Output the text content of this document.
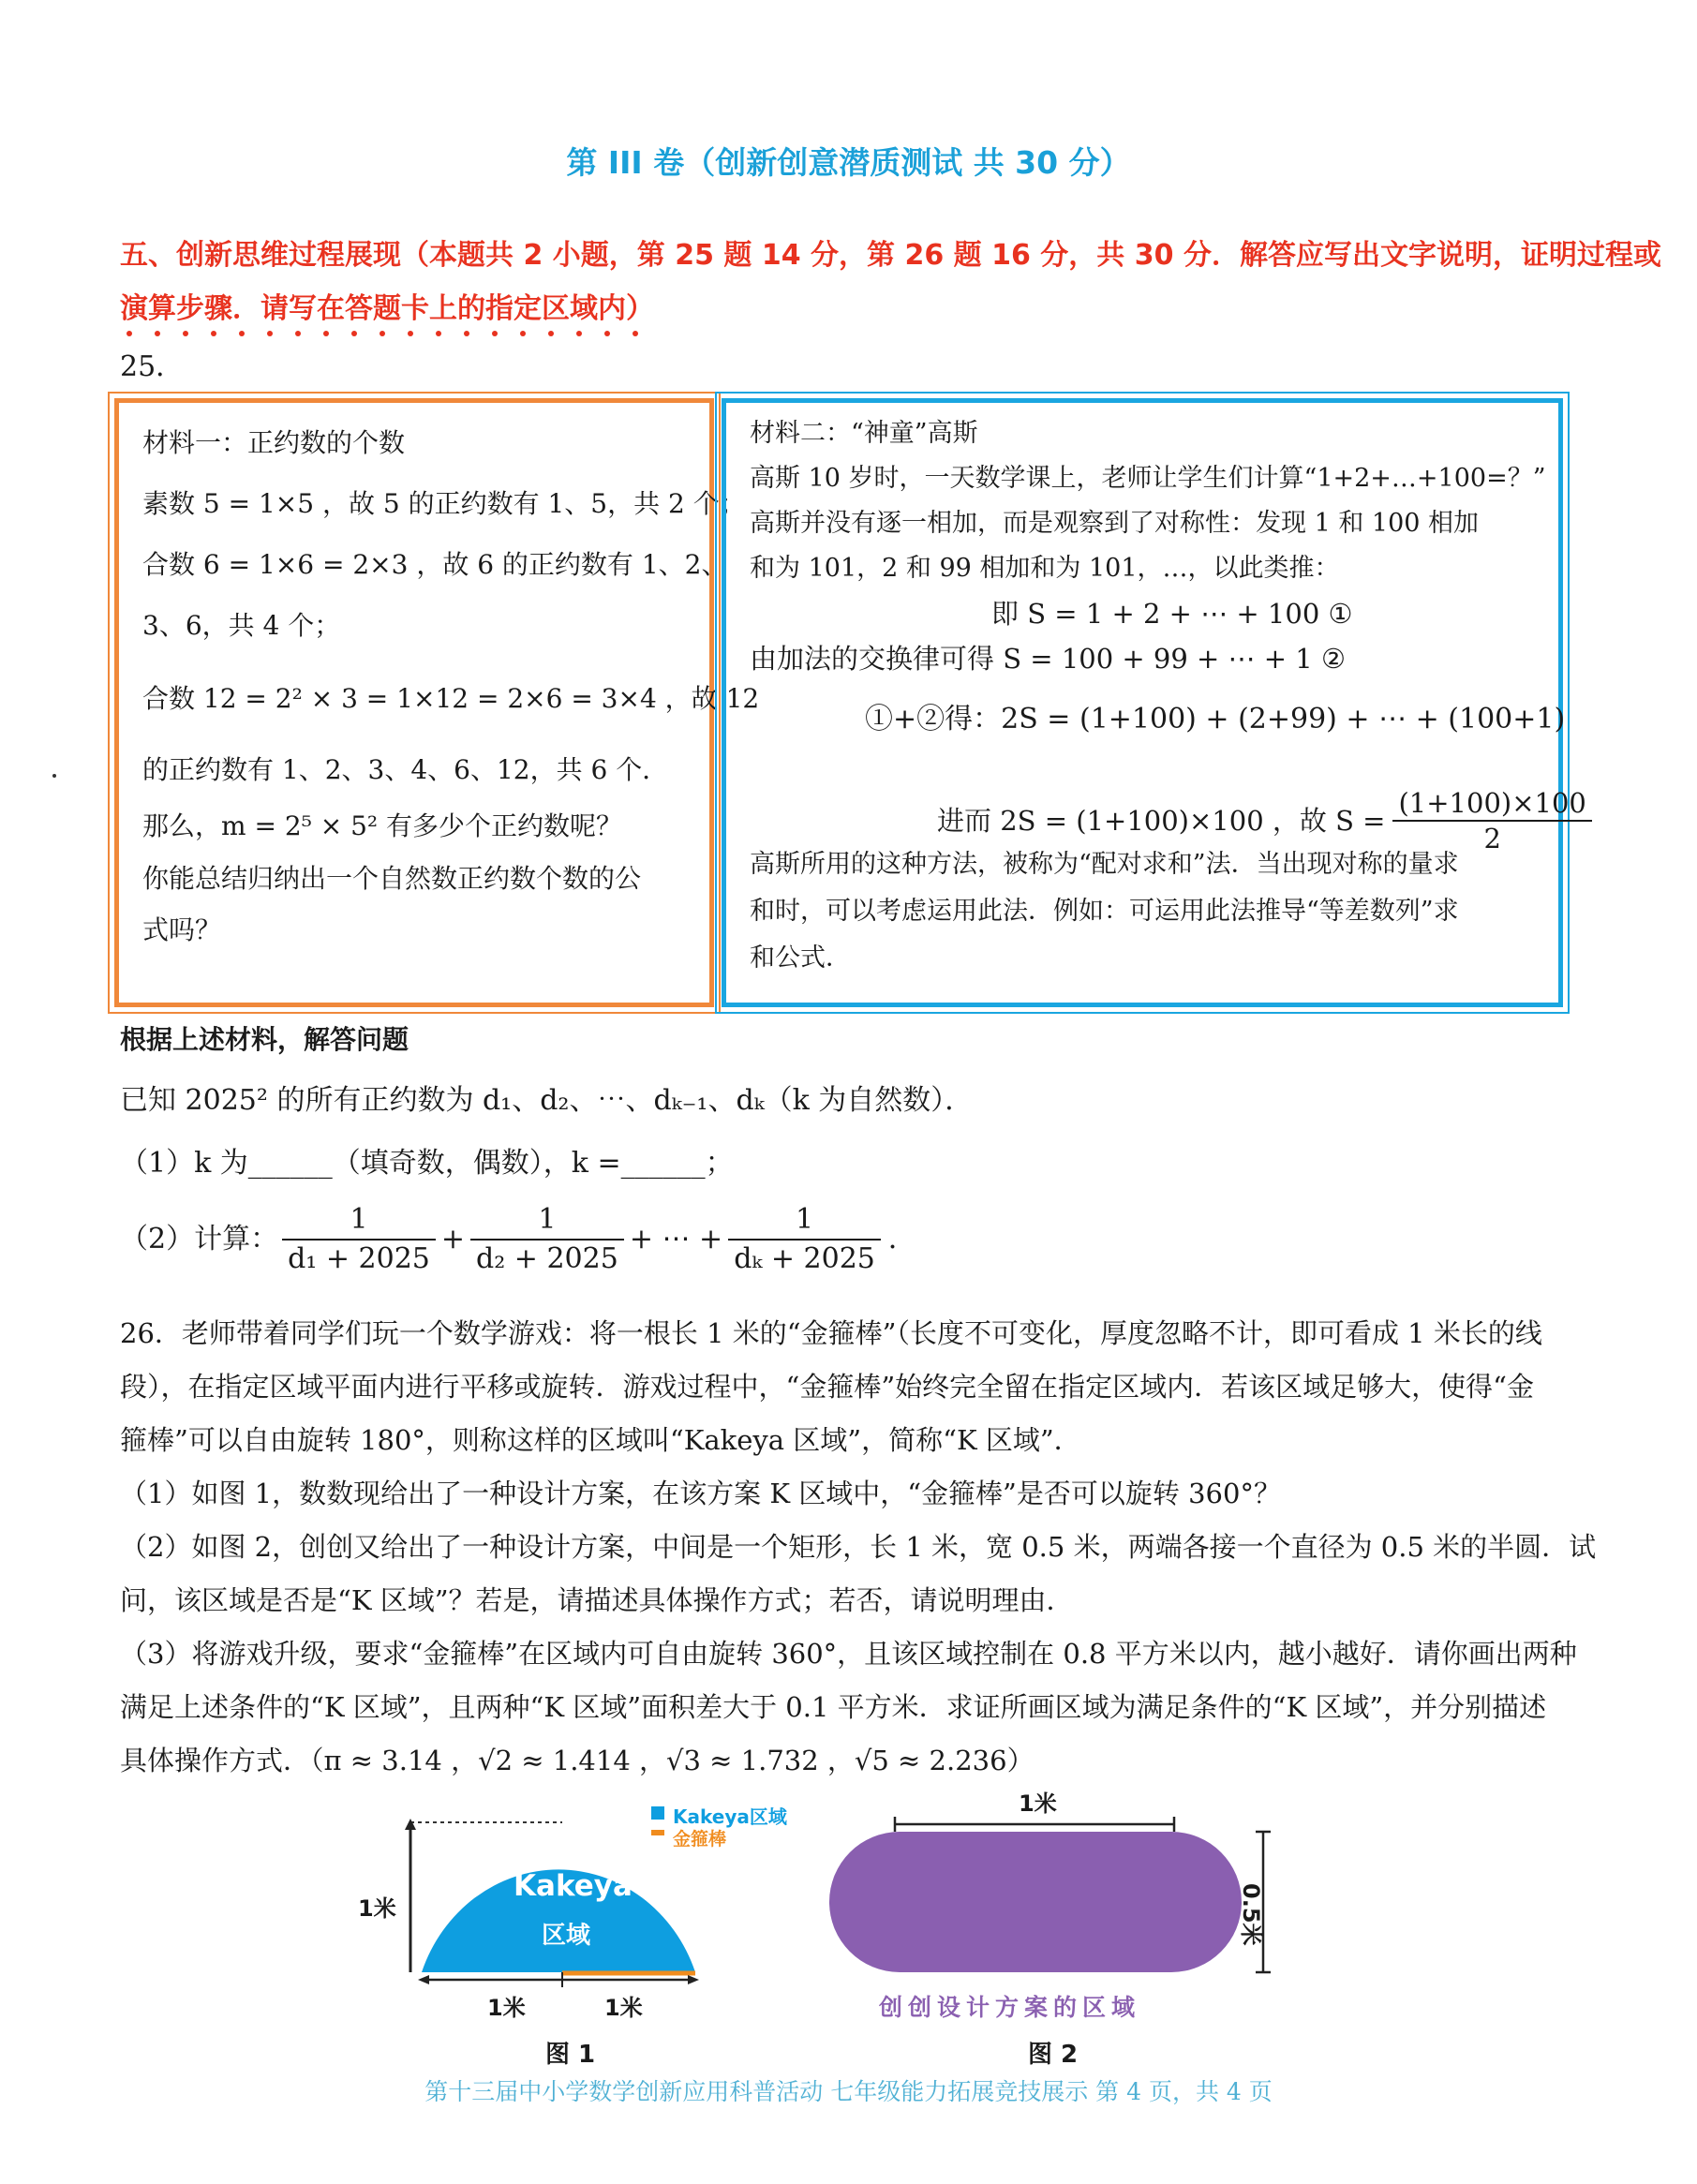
第 III 卷（创新创意潜质测试 共 30 分）
五、创新思维过程展现（本题共 2 小题，第 25 题 14 分，第 26 题 16 分，共 30 分．解答应写出文字说明，证明过程或
演算步骤．请写在答题卡上的指定区域内）
25．
材料一：正约数的个数
素数 5 = 1×5 ，故 5 的正约数有 1、5，共 2 个；
合数 6 = 1×6 = 2×3 ，故 6 的正约数有 1、2、
3、6，共 4 个；
合数 12 = 2² × 3 = 1×12 = 2×6 = 3×4 ，故 12
的正约数有 1、2、3、4、6、12，共 6 个．
那么，m = 2⁵ × 5² 有多少个正约数呢？
你能总结归纳出一个自然数正约数个数的公
式吗？
材料二：“神童”高斯
高斯 10 岁时，一天数学课上，老师让学生们计算“1+2+…+100=？”
高斯并没有逐一相加，而是观察到了对称性：发现 1 和 100 相加
和为 101，2 和 99 相加和为 101，…，以此类推：
即 S = 1 + 2 + ⋯ + 100 ①
由加法的交换律可得 S = 100 + 99 + ⋯ + 1 ②
①+②得：2S = (1+100) + (2+99) + ⋯ + (100+1)
进而 2S = (1+100)×100 ，故 $S = \frac{(1+100)\times 100}{2}$
高斯所用的这种方法，被称为“配对求和”法．当出现对称的量求
和时，可以考虑运用此法．例如：可运用此法推导“等差数列”求
和公式．
根据上述材料，解答问题
已知 2025² 的所有正约数为 d₁、d₂、⋯、dₖ₋₁、dₖ（k 为自然数）．
（1）k 为______（填奇数，偶数），k =______；
（2）计算： $\frac{1}{\text{d₁ + 2025}} + \frac{1}{\text{d₂ + 2025}}$ + ⋯ + $\frac{1}{\text{dₖ + 2025}}$ ．
26．老师带着同学们玩一个数学游戏：将一根长 1 米的“金箍棒”（长度不可变化，厚度忽略不计，即可看成 1 米长的线
段），在指定区域平面内进行平移或旋转．游戏过程中，“金箍棒”始终完全留在指定区域内．若该区域足够大，使得“金
箍棒”可以自由旋转 180°，则称这样的区域叫“Kakeya 区域”，简称“K 区域”．
（1）如图 1，数数现给出了一种设计方案，在该方案 K 区域中，“金箍棒”是否可以旋转 360°？
（2）如图 2，创创又给出了一种设计方案，中间是一个矩形，长 1 米，宽 0.5 米，两端各接一个直径为 0.5 米的半圆．试
问，该区域是否是“K 区域”？若是，请描述具体操作方式；若否，请说明理由．
（3）将游戏升级，要求“金箍棒”在区域内可自由旋转 360°，且该区域控制在 0.8 平方米以内，越小越好．请你画出两种
满足上述条件的“K 区域”，且两种“K 区域”面积差大于 0.1 平方米．求证所画区域为满足条件的“K 区域”，并分别描述
具体操作方式．（π ≈ 3.14 ，√2 ≈ 1.414 ，√3 ≈ 1.732 ，√5 ≈ 2.236）
Kakeya区域
金箍棒
Kakeya
区域
1米
1米	1米
图 1
1米
0.5米
创创设计方案的区域
图 2
第十三届中小学数学创新应用科普活动 七年级能力拓展竞技展示 第 4 页，共 4 页
